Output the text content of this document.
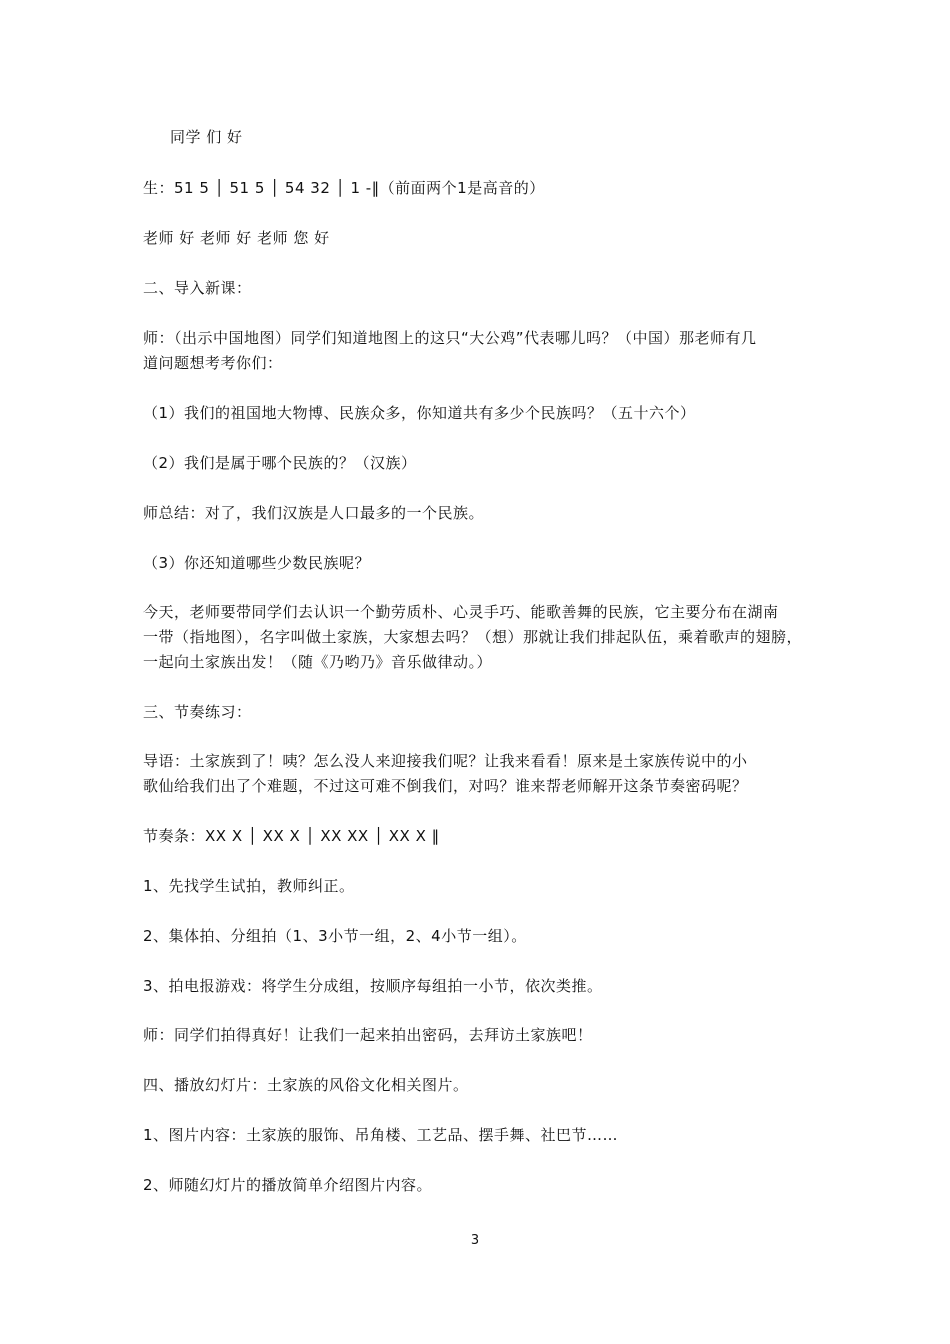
同学 们 好
生：51 5 │ 51 5 │ 54 32 │ 1 -‖（前面两个1是高音的）
老师 好 老师 好 老师 您 好
二、导入新课：
师：（出示中国地图）同学们知道地图上的这只“大公鸡”代表哪儿吗？（中国）那老师有几
道问题想考考你们：
（1）我们的祖国地大物博、民族众多，你知道共有多少个民族吗？（五十六个）
（2）我们是属于哪个民族的？（汉族）
师总结：对了，我们汉族是人口最多的一个民族。
（3）你还知道哪些少数民族呢？
今天，老师要带同学们去认识一个勤劳质朴、心灵手巧、能歌善舞的民族，它主要分布在湖南
一带（指地图），名字叫做土家族，大家想去吗？（想）那就让我们排起队伍，乘着歌声的翅膀，
一起向土家族出发！（随《乃哟乃》音乐做律动。）
三、节奏练习：
导语：土家族到了！咦？怎么没人来迎接我们呢？让我来看看！原来是土家族传说中的小
歌仙给我们出了个难题，不过这可难不倒我们，对吗？谁来帮老师解开这条节奏密码呢？
节奏条：XX X │ XX X │ XX XX │ XX X ‖
1、先找学生试拍，教师纠正。
2、集体拍、分组拍（1、3小节一组，2、4小节一组）。
3、拍电报游戏：将学生分成组，按顺序每组拍一小节，依次类推。
师：同学们拍得真好！让我们一起来拍出密码，去拜访土家族吧！
四、播放幻灯片：土家族的风俗文化相关图片。
1、图片内容：土家族的服饰、吊角楼、工艺品、摆手舞、社巴节……
2、师随幻灯片的播放简单介绍图片内容。
3
